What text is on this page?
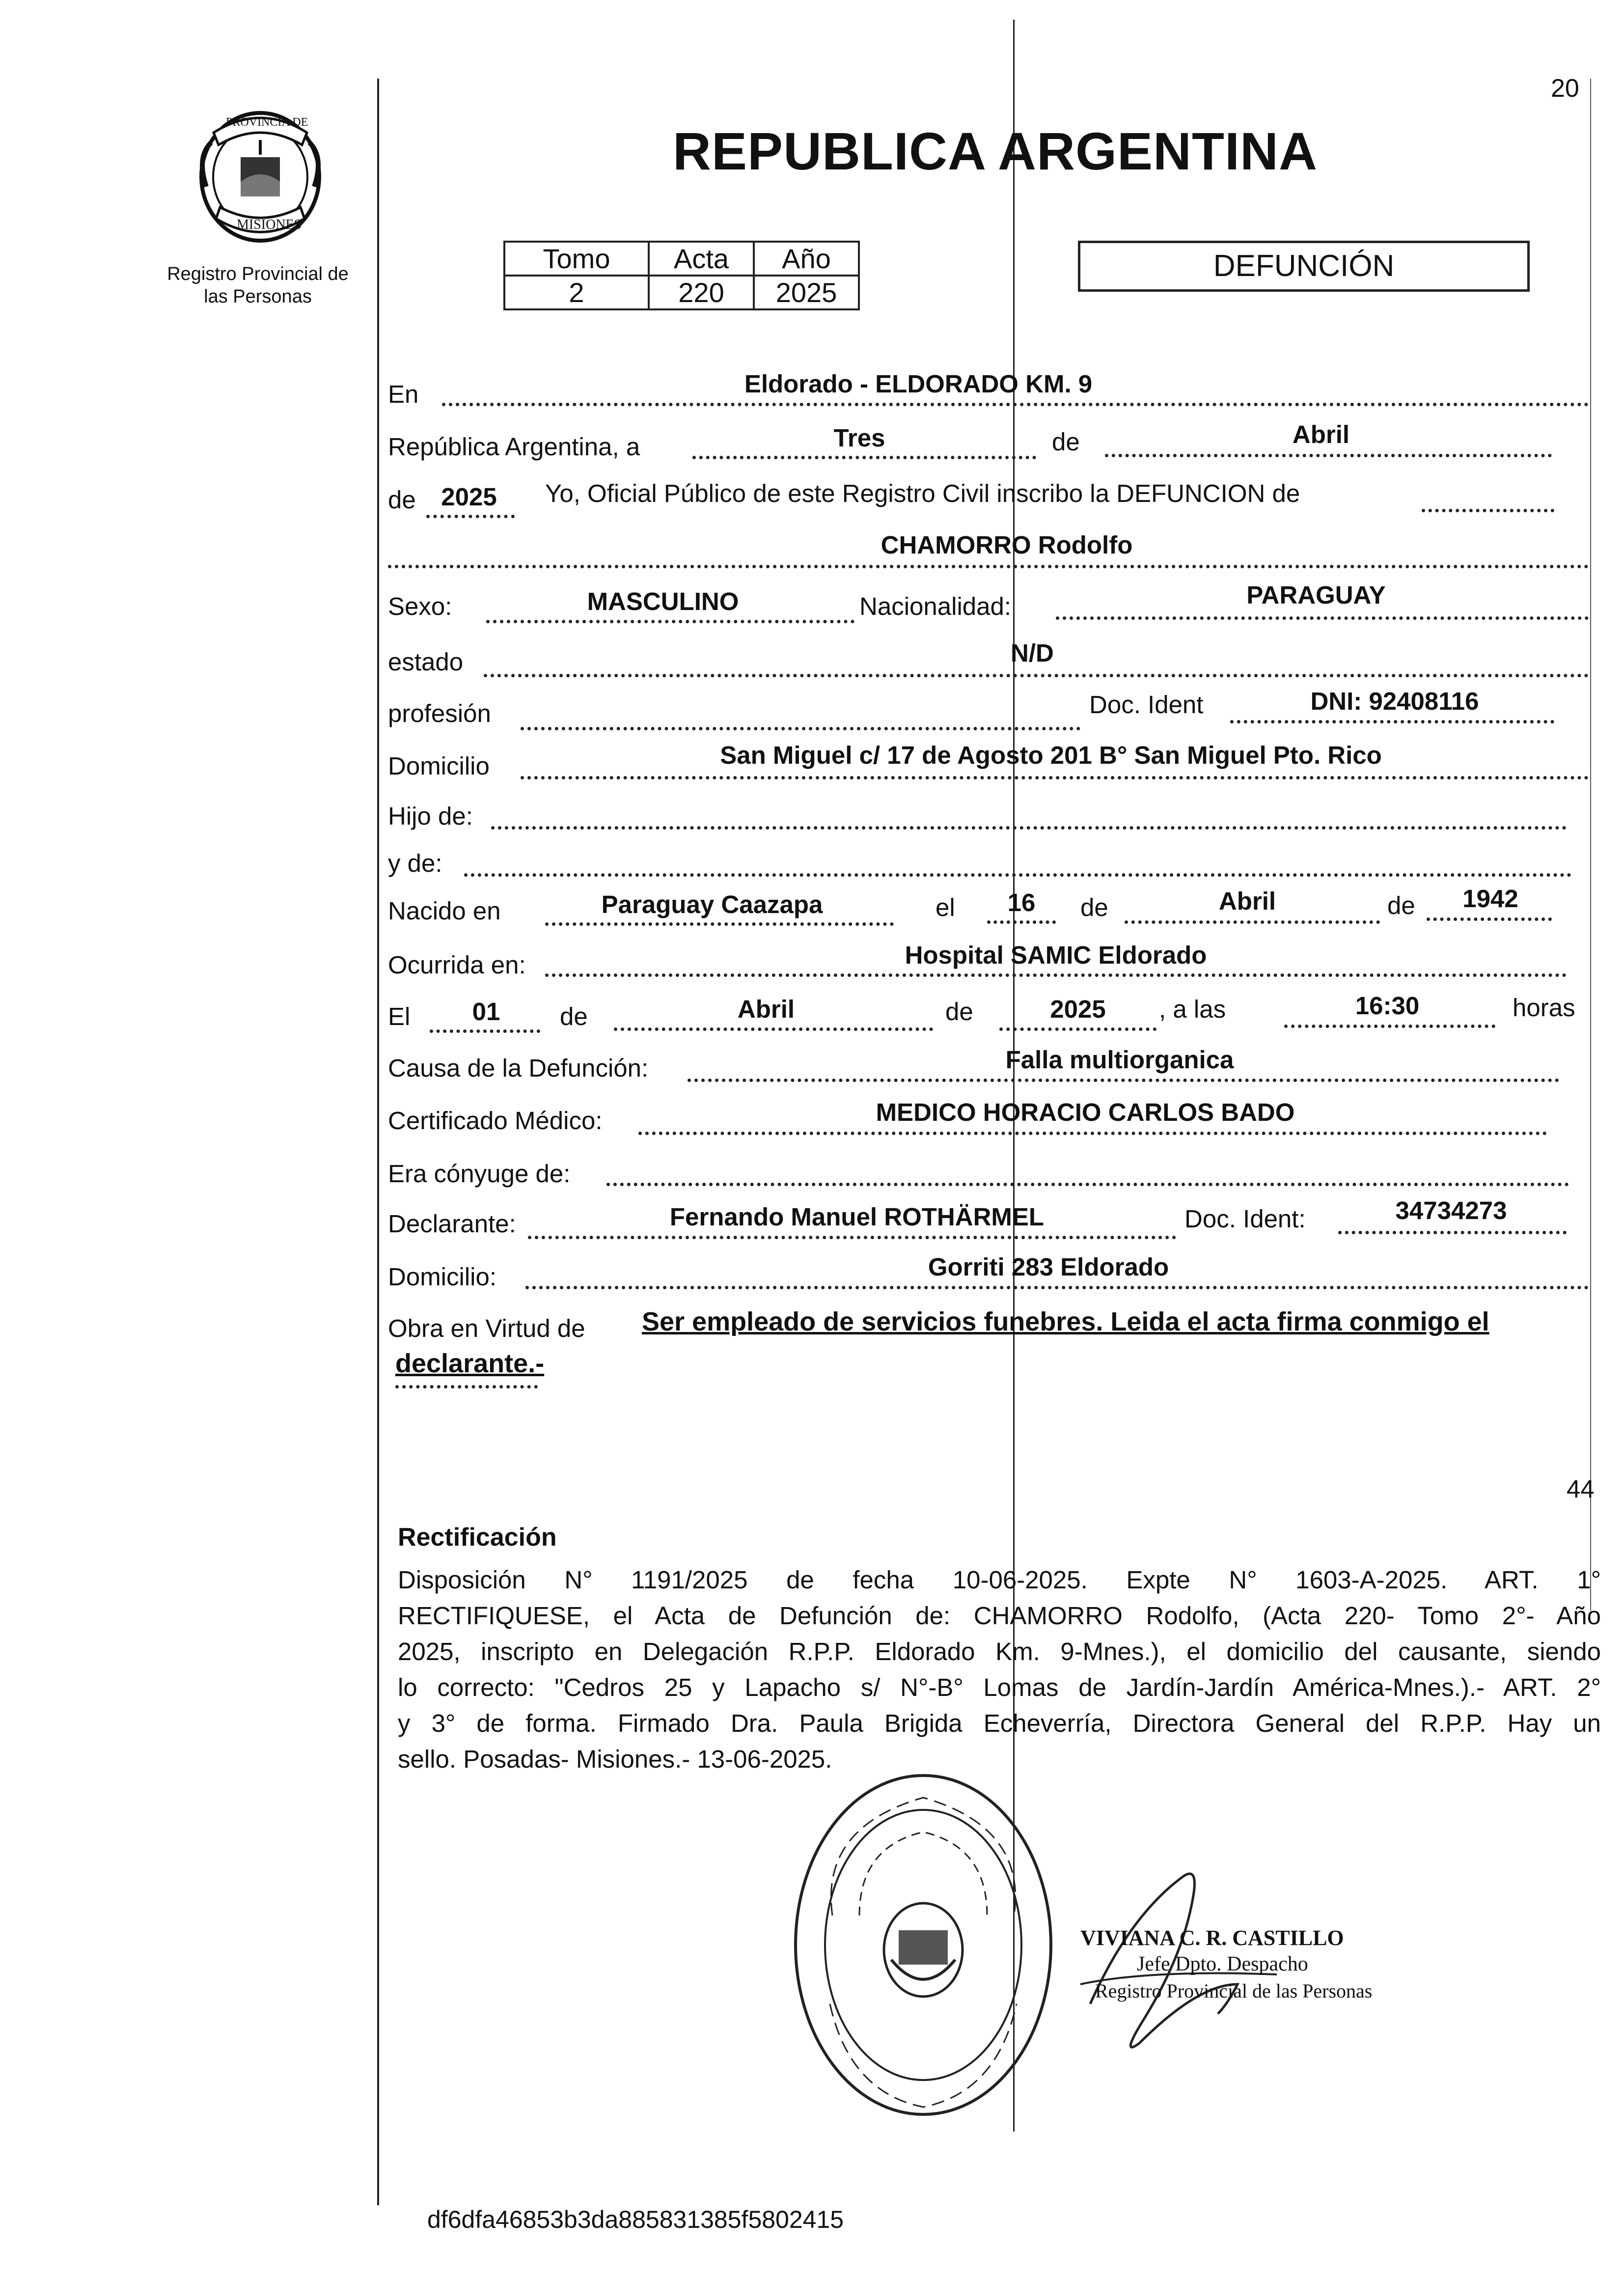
20
PROVINCIA DE
MISIONES
Registro Provincial de
las Personas
REPUBLICA ARGENTINA
Tomo	Acta	Año
2	220	2025
DEFUNCIÓN
En	Eldorado - ELDORADO KM. 9
República Argentina, a	Tres	de	Abril
de	2025	Yo, Oficial Público de este Registro Civil inscribo la DEFUNCION de
CHAMORRO Rodolfo
Sexo:	MASCULINO	Nacionalidad:	PARAGUAY
estado	N/D
profesión	Doc. Ident	DNI: 92408116
Domicilio	San Miguel c/ 17 de Agosto 201 B° San Miguel Pto. Rico
Hijo de:
y de:
Nacido en	Paraguay Caazapa	el	16	de	Abril	de	1942
Ocurrida en:	Hospital SAMIC Eldorado
El	01	de	Abril	de	2025	, a las	16:30	horas
Causa de la Defunción:	Falla multiorganica
Certificado Médico:	MEDICO HORACIO CARLOS BADO
Era cónyuge de:
Declarante:	Fernando Manuel ROTHÄRMEL	Doc. Ident:	34734273
Domicilio:	Gorriti 283 Eldorado
Obra en Virtud de Ser empleado de servicios funebres. Leida el acta firma conmigo el
declarante.-
44
Rectificación
Disposición N° 1191/2025 de fecha 10-06-2025. Expte N° 1603-A-2025. ART. 1°
RECTIFIQUESE, el Acta de Defunción de: CHAMORRO Rodolfo, (Acta 220- Tomo 2°- Año
2025, inscripto en Delegación R.P.P. Eldorado Km. 9-Mnes.), el domicilio del causante, siendo
lo correcto: "Cedros 25 y Lapacho s/ N°-B° Lomas de Jardín-Jardín América-Mnes.).- ART. 2°
y 3° de forma. Firmado Dra. Paula Brigida Echeverría, Directora General del R.P.P. Hay un
sello. Posadas- Misiones.- 13-06-2025.
VIVIANA C. R. CASTILLO
Jefe Dpto. Despacho
Registro Provincial de las Personas
df6dfa46853b3da885831385f5802415
